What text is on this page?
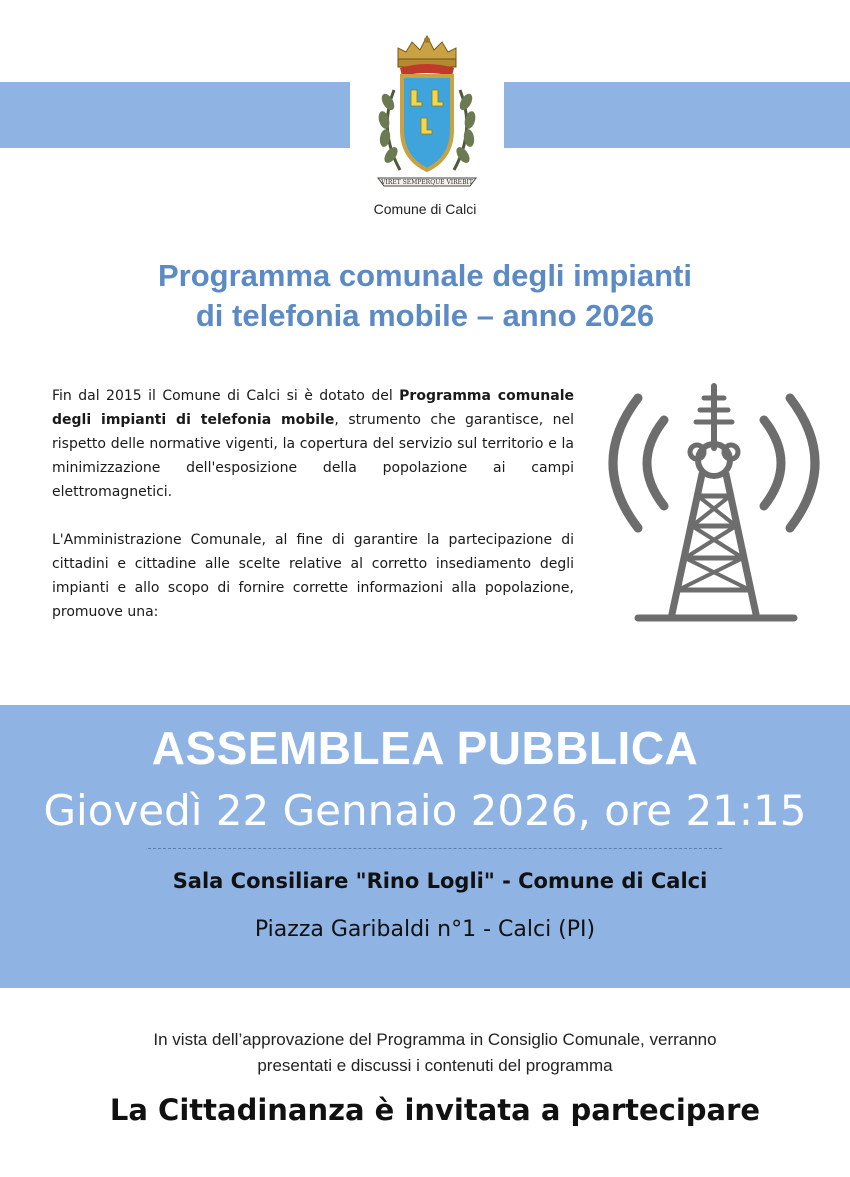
VIRET SEMPERQUE VIREBIT
Comune di Calci
Programma comunale degli impianti
di telefonia mobile – anno 2026

Fin dal 2015 il Comune di Calci si è dotato del Programma comunale degli impianti di telefonia mobile, strumento che garantisce, nel rispetto delle normative vigenti, la copertura del servizio sul territorio e la minimizzazione dell'esposizione della popolazione ai campi elettromagnetici.

L'Amministrazione Comunale, al fine di garantire la partecipazione di cittadini e cittadine alle scelte relative al corretto insediamento degli impianti e allo scopo di fornire corrette informazioni alla popolazione, promuove una:

ASSEMBLEA PUBBLICA
Giovedì 22 Gennaio 2026, ore 21:15
Sala Consiliare "Rino Logli" - Comune di Calci
Piazza Garibaldi n°1 - Calci (PI)
In vista dell’approvazione del Programma in Consiglio Comunale, verranno
presentati e discussi i contenuti del programma
La Cittadinanza è invitata a partecipare
